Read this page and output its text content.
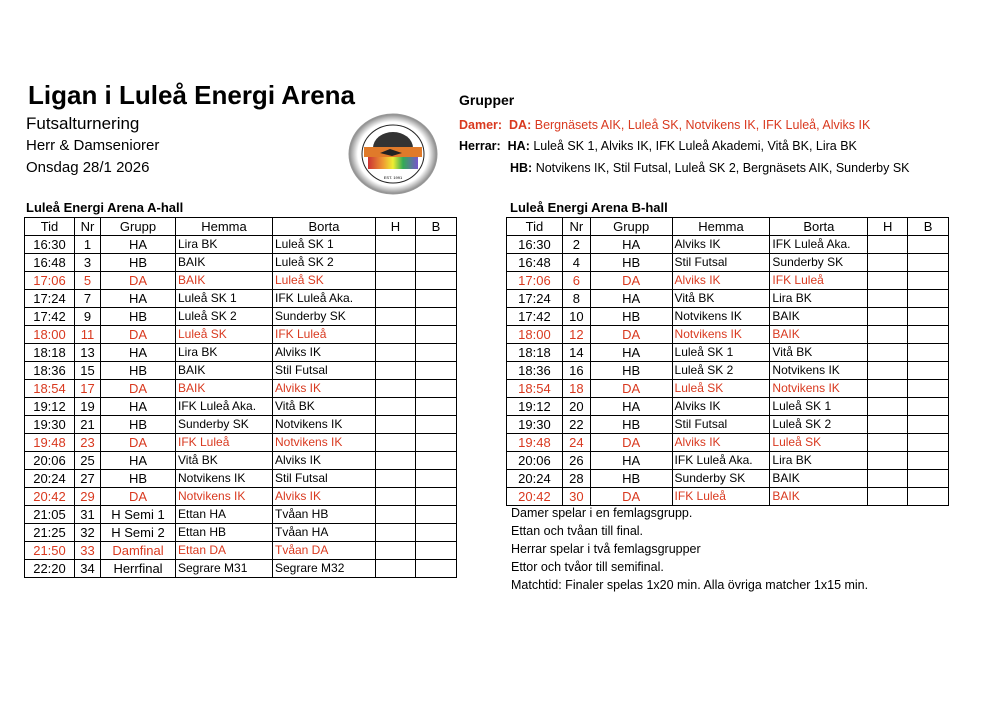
Ligan i Luleå Energi Arena
Futsalturnering
Herr & Damseniorer
Onsdag 28/1 2026
EST. 1991
Grupper
Damer: DA: Bergnäsets AIK, Luleå SK, Notvikens IK, IFK Luleå, Alviks IK
Herrar: HA: Luleå SK 1, Alviks IK, IFK Luleå Akademi, Vitå BK, Lira BK
HB: Notvikens IK, Stil Futsal, Luleå SK 2, Bergnäsets AIK, Sunderby SK
Luleå Energi Arena A-hall
Tid	Nr	Grupp	Hemma	Borta	H	B
16:30	1	HA	Lira BK	Luleå SK 1		
16:48	3	HB	BAIK	Luleå SK 2		
17:06	5	DA	BAIK	Luleå SK		
17:24	7	HA	Luleå SK 1	IFK Luleå Aka.		
17:42	9	HB	Luleå SK 2	Sunderby SK		
18:00	11	DA	Luleå SK	IFK Luleå		
18:18	13	HA	Lira BK	Alviks IK		
18:36	15	HB	BAIK	Stil Futsal		
18:54	17	DA	BAIK	Alviks IK		
19:12	19	HA	IFK Luleå Aka.	Vitå BK		
19:30	21	HB	Sunderby SK	Notvikens IK		
19:48	23	DA	IFK Luleå	Notvikens IK		
20:06	25	HA	Vitå BK	Alviks IK		
20:24	27	HB	Notvikens IK	Stil Futsal		
20:42	29	DA	Notvikens IK	Alviks IK		
21:05	31	H Semi 1	Ettan HA	Tvåan HB		
21:25	32	H Semi 2	Ettan HB	Tvåan HA		
21:50	33	Damfinal	Ettan DA	Tvåan DA		
22:20	34	Herrfinal	Segrare M31	Segrare M32		
Luleå Energi Arena B-hall
Tid	Nr	Grupp	Hemma	Borta	H	B
16:30	2	HA	Alviks IK	IFK Luleå Aka.		
16:48	4	HB	Stil Futsal	Sunderby SK		
17:06	6	DA	Alviks IK	IFK Luleå		
17:24	8	HA	Vitå BK	Lira BK		
17:42	10	HB	Notvikens IK	BAIK		
18:00	12	DA	Notvikens IK	BAIK		
18:18	14	HA	Luleå SK 1	Vitå BK		
18:36	16	HB	Luleå SK 2	Notvikens IK		
18:54	18	DA	Luleå SK	Notvikens IK		
19:12	20	HA	Alviks IK	Luleå SK 1		
19:30	22	HB	Stil Futsal	Luleå SK 2		
19:48	24	DA	Alviks IK	Luleå SK		
20:06	26	HA	IFK Luleå Aka.	Lira BK		
20:24	28	HB	Sunderby SK	BAIK		
20:42	30	DA	IFK Luleå	BAIK		
Damer spelar i en femlagsgrupp.
Ettan och tvåan till final.
Herrar spelar i två femlagsgrupper
Ettor och tvåor till semifinal.
Matchtid: Finaler spelas 1x20 min. Alla övriga matcher 1x15 min.
